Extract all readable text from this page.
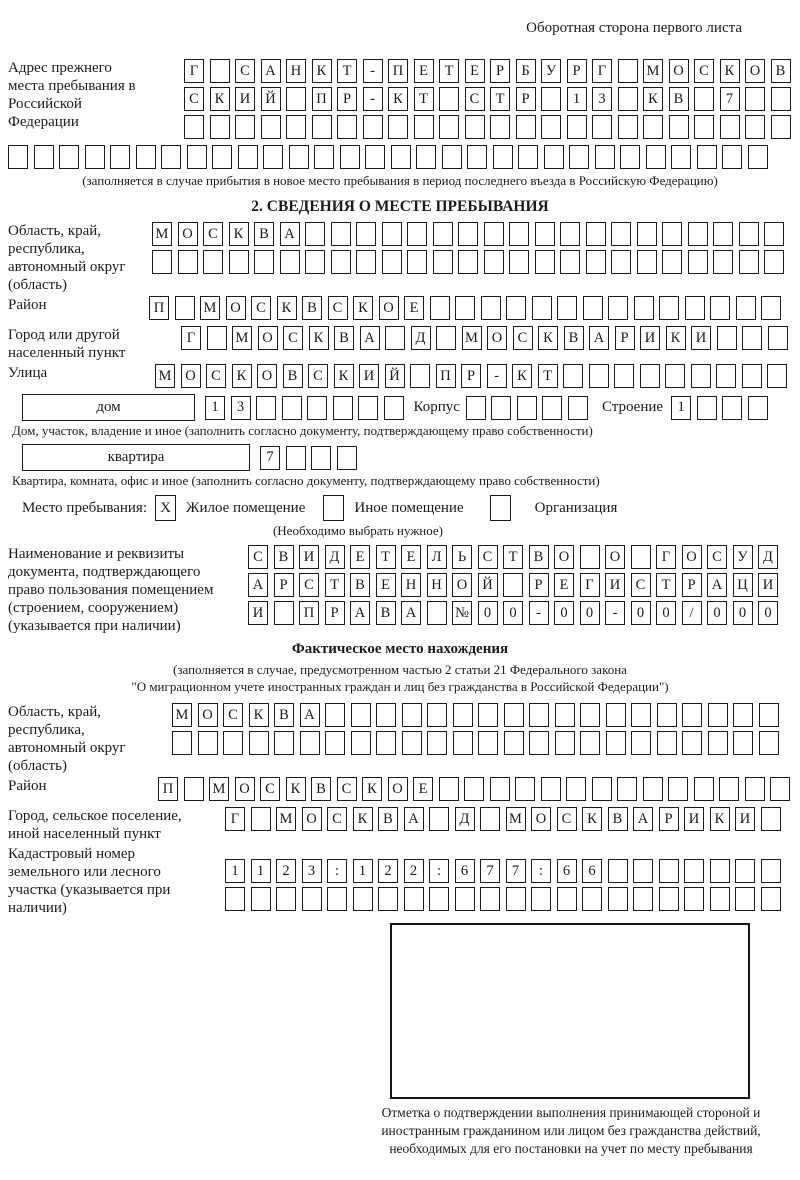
Оборотная сторона первого листа
Адрес прежнего места пребывания в Российской Федерации
Г	С	А	Н	К	Т	-	П	Е	Т	Е	Р	Б	У	Р	Г	М О	С	К	О	В
С	К	И	Й	П	Р	-	К	Т	С	Т	Р	1	3	К	В	7
(заполняется в случае прибытия в новое место пребывания в период последнего въезда в Российскую Федерацию)
2. СВЕДЕНИЯ О МЕСТЕ ПРЕБЫВАНИЯ
Область, край, республика, автономный округ (область)
М О	С	К	В	А
Район	П	М О	С	К	В	С	К	О	Е
Город или другой населенный пункт
Г	М О	С	К	В	А	Д	М О	С	К	В	А	Р	И	К	И
Улица	М О	С	К	О	В	С	К	И	Й	П	Р	-	К	Т
дом	1	3	Корпус	Строение 1
Дом, участок, владение и иное (заполнить согласно документу, подтверждающему право собственности)
квартира	7
Квартира, комната, офис и иное (заполнить согласно документу, подтверждающему право собственности)
Место пребывания: X	Жилое помещение	Иное помещение	Организация
(Необходимо выбрать нужное)
Наименование и реквизиты документа, подтверждающего право пользования помещением (строением, сооружением) (указывается при наличии)
С	В	И	Д	Е	Т	Е	Л	Ь	С	Т	В	О	О	Г	О	С	У	Д
А	Р	С	Т	В	Е	Н	Н	О	Й	Р	Е	Г	И	С	Т	Р	А	Ц	И
И	П	Р	А	В	А	№	0	0	-	0	0	-	0	0	/	0	0	0
Фактическое место нахождения
(заполняется в случае, предусмотренном частью 2 статьи 21 Федерального закона
"О миграционном учете иностранных граждан и лиц без гражданства в Российской Федерации")
Область, край, республика, автономный округ (область)
М О	С	К	В	А
Район	П	М О	С	К	В	С	К	О	Е
Город, сельское поселение, иной населенный пункт
Г	М О	С	К	В	А	Д	М О	С	К	В	А	Р	И	К	И
Кадастровый номер земельного или лесного участка (указывается при наличии)
1	1	2	3	:	1	2	2	:	6	7	7	:	6	6
Отметка о подтверждении выполнения принимающей стороной и иностранным гражданином или лицом без гражданства действий, необходимых для его постановки на учет по месту пребывания
